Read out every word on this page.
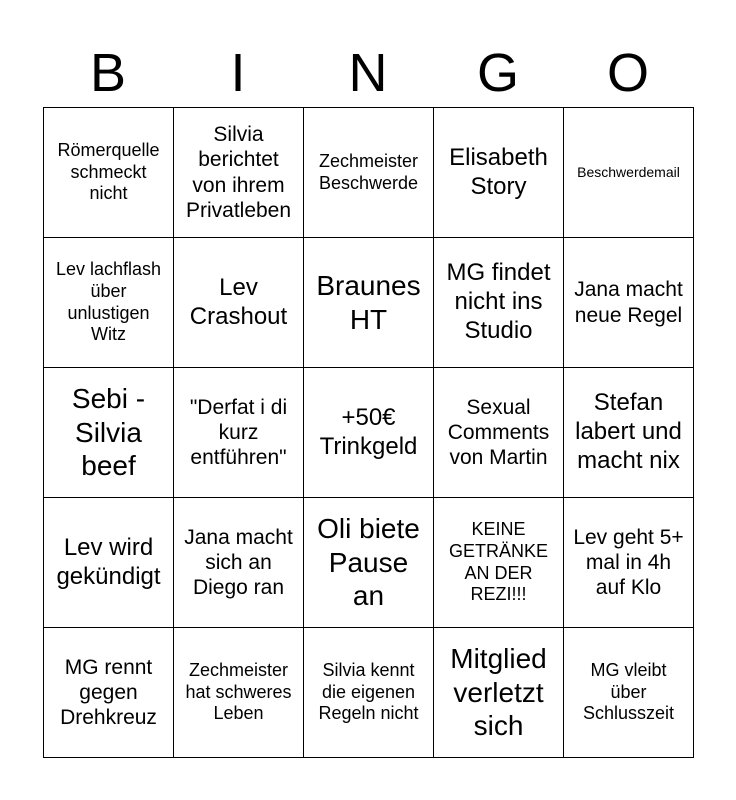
B	I	N	G	O
Römerquelle schmeckt nicht
Silvia berichtet von ihrem Privatleben
Zechmeister Beschwerde
Elisabeth Story
Beschwerdemail
Lev lachflash über unlustigen Witz
Lev Crashout
Braunes HT
MG findet nicht ins Studio
Jana macht neue Regel
Sebi - Silvia beef
"Derfat i di kurz entführen"
+50€ Trinkgeld
Sexual Comments von Martin
Stefan labert und macht nix
Lev wird gekündigt
Jana macht sich an Diego ran
Oli biete Pause an
KEINE GETRÄNKE AN DER REZI!!!
Lev geht 5+ mal in 4h auf Klo
MG rennt gegen Drehkreuz
Zechmeister hat schweres Leben
Silvia kennt die eigenen Regeln nicht
Mitglied verletzt sich
MG vleibt über Schlusszeit
